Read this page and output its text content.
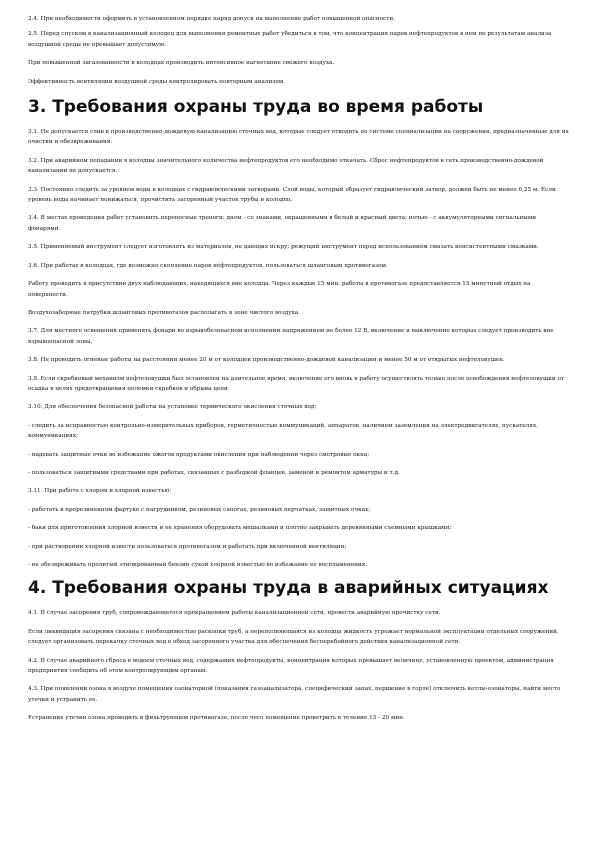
2.4. При необходимости оформить в установленном порядке наряд-допуск на выполнение работ повышенной опасности.

2.5. Перед спуском в канализационный колодец для выполнения ремонтных работ убедиться в том, что концентрация паров нефтепродуктов в нем по результатам анализа воздушной среды не превышает допустимую.

При повышенной загазованности в колодцах производить интенсивное нагнетание свежего воздуха.

Эффективность вентиляции воздушной среды контролировать повторным анализом.

3. Требования охраны труда во время работы

3.1. Не допускается слив в производственно-дождевую канализацию сточных вод, которые следует отводить по системе специализации на сооружения, предназначенные для их очистки и обезвреживания.

3.2. При аварийном попадании в колодцы значительного количества нефтепродуктов его необходимо откачать. Сброс нефтепродуктов в сеть производственно-дождевой канализации не допускается.

3.3. Постоянно следить за уровнем воды в колодцах с гидравлическими затворами. Слой воды, который образует гидравлический затвор, должен быть не менее 0,25 м. Если уровень воды начинает понижаться, прочистить засоренный участок трубы и колодец.

3.4. В местах проведения работ установить переносные треноги: днем - со знаками, окрашенными в белый и красный цвета; ночью - с аккумуляторными сигнальными фонарями.

3.5. Применяемый инструмент следует изготовлять из материалов, не дающих искру; режущий инструмент перед использованием смазать консистентными смазками.

3.6. При работах в колодцах, где возможно скопление паров нефтепродуктов, пользоваться шланговым противогазом.

Работу проводить в присутствии двух наблюдающих, находящихся вне колодца. Через каждые 15 мин. работы в противогазе предоставляется 15 минутный отдых на поверхности.

Воздухозаборные патрубки шланговых противогазов располагать в зоне чистого воздуха.

3.7. Для местного освещения применять фонари во взрывобезопасном исполнении напряжением не более 12 В, включение и выключение которых следует производить вне взрывоопасной зоны.

3.8. Не проводить огневые работы на расстоянии менее 20 м от колодцев производственно-дождевой канализации и менее 50 м от открытых нефтеловушек.

3.9. Если скребковый механизм нефтеловушки был остановлен на длительное время, включение его вновь в работу осуществлять только после освобождения нефтеловушки от осадка в целях предотвращения поломки скребков и обрыва цепи.

3.10. Для обеспечения безопасной работы на установке термического окисления сточных вод:

- следить за исправностью контрольно-измерительных приборов, герметичностью коммуникаций, аппаратов, наличием заземления на электродвигателях, пускателях, коммуникациях;

- надевать защитные очки во избежание ожогов продуктами окисления при наблюдении через смотровые окна;

- пользоваться защитными средствами при работах, связанных с разборкой фланцев, заменой и ремонтом арматуры и т.д.

3.11. При работе с хлором и хлорной известью:

- работать в прорезиненном фартуке с нагрудником, резиновых сапогах, резиновых перчатках, защитных очках;

- баки для приготовления хлорной извести и ее хранения оборудовать мешалками и плотно закрывать деревянными съемными крышками;

- при растворении хлорной извести пользоваться противогазом и работать при включенной вентиляции;

- не обезвреживать пролитый этилированный бензин сухой хлорной известью во избежание ее воспламенения.

4. Требования охраны труда в аварийных ситуациях

4.1. В случае засорения труб, сопровождающегося прекращением работы канализационной сети, провести аварийную прочистку сети.

Если ликвидация засорения связана с необходимостью раскопки труб, а переполняющаяся из колодца жидкость угрожает нормальной эксплуатации отдельных сооружений, следует организовать перекачку сточных вод в обход засоренного участка для обеспечения бесперебойного действия канализационной сети.

4.2. В случае аварийного сброса в водоем сточных вод, содержащих нефтепродукты, концентрация которых превышает величину, установленную проектом, администрация предприятия сообщить об этом контролирующим органам.

4.3. При появлении озона в воздухе помещения озонаторной (показания газоанализатора, специфический запах, першение в горле) отключить котлы-озонаторы, найти место утечки и устранить ее.

Устранение утечки озона проводить в фильтрующем противогазе, после чего помещение проветрить в течение 15 - 20 мин.
